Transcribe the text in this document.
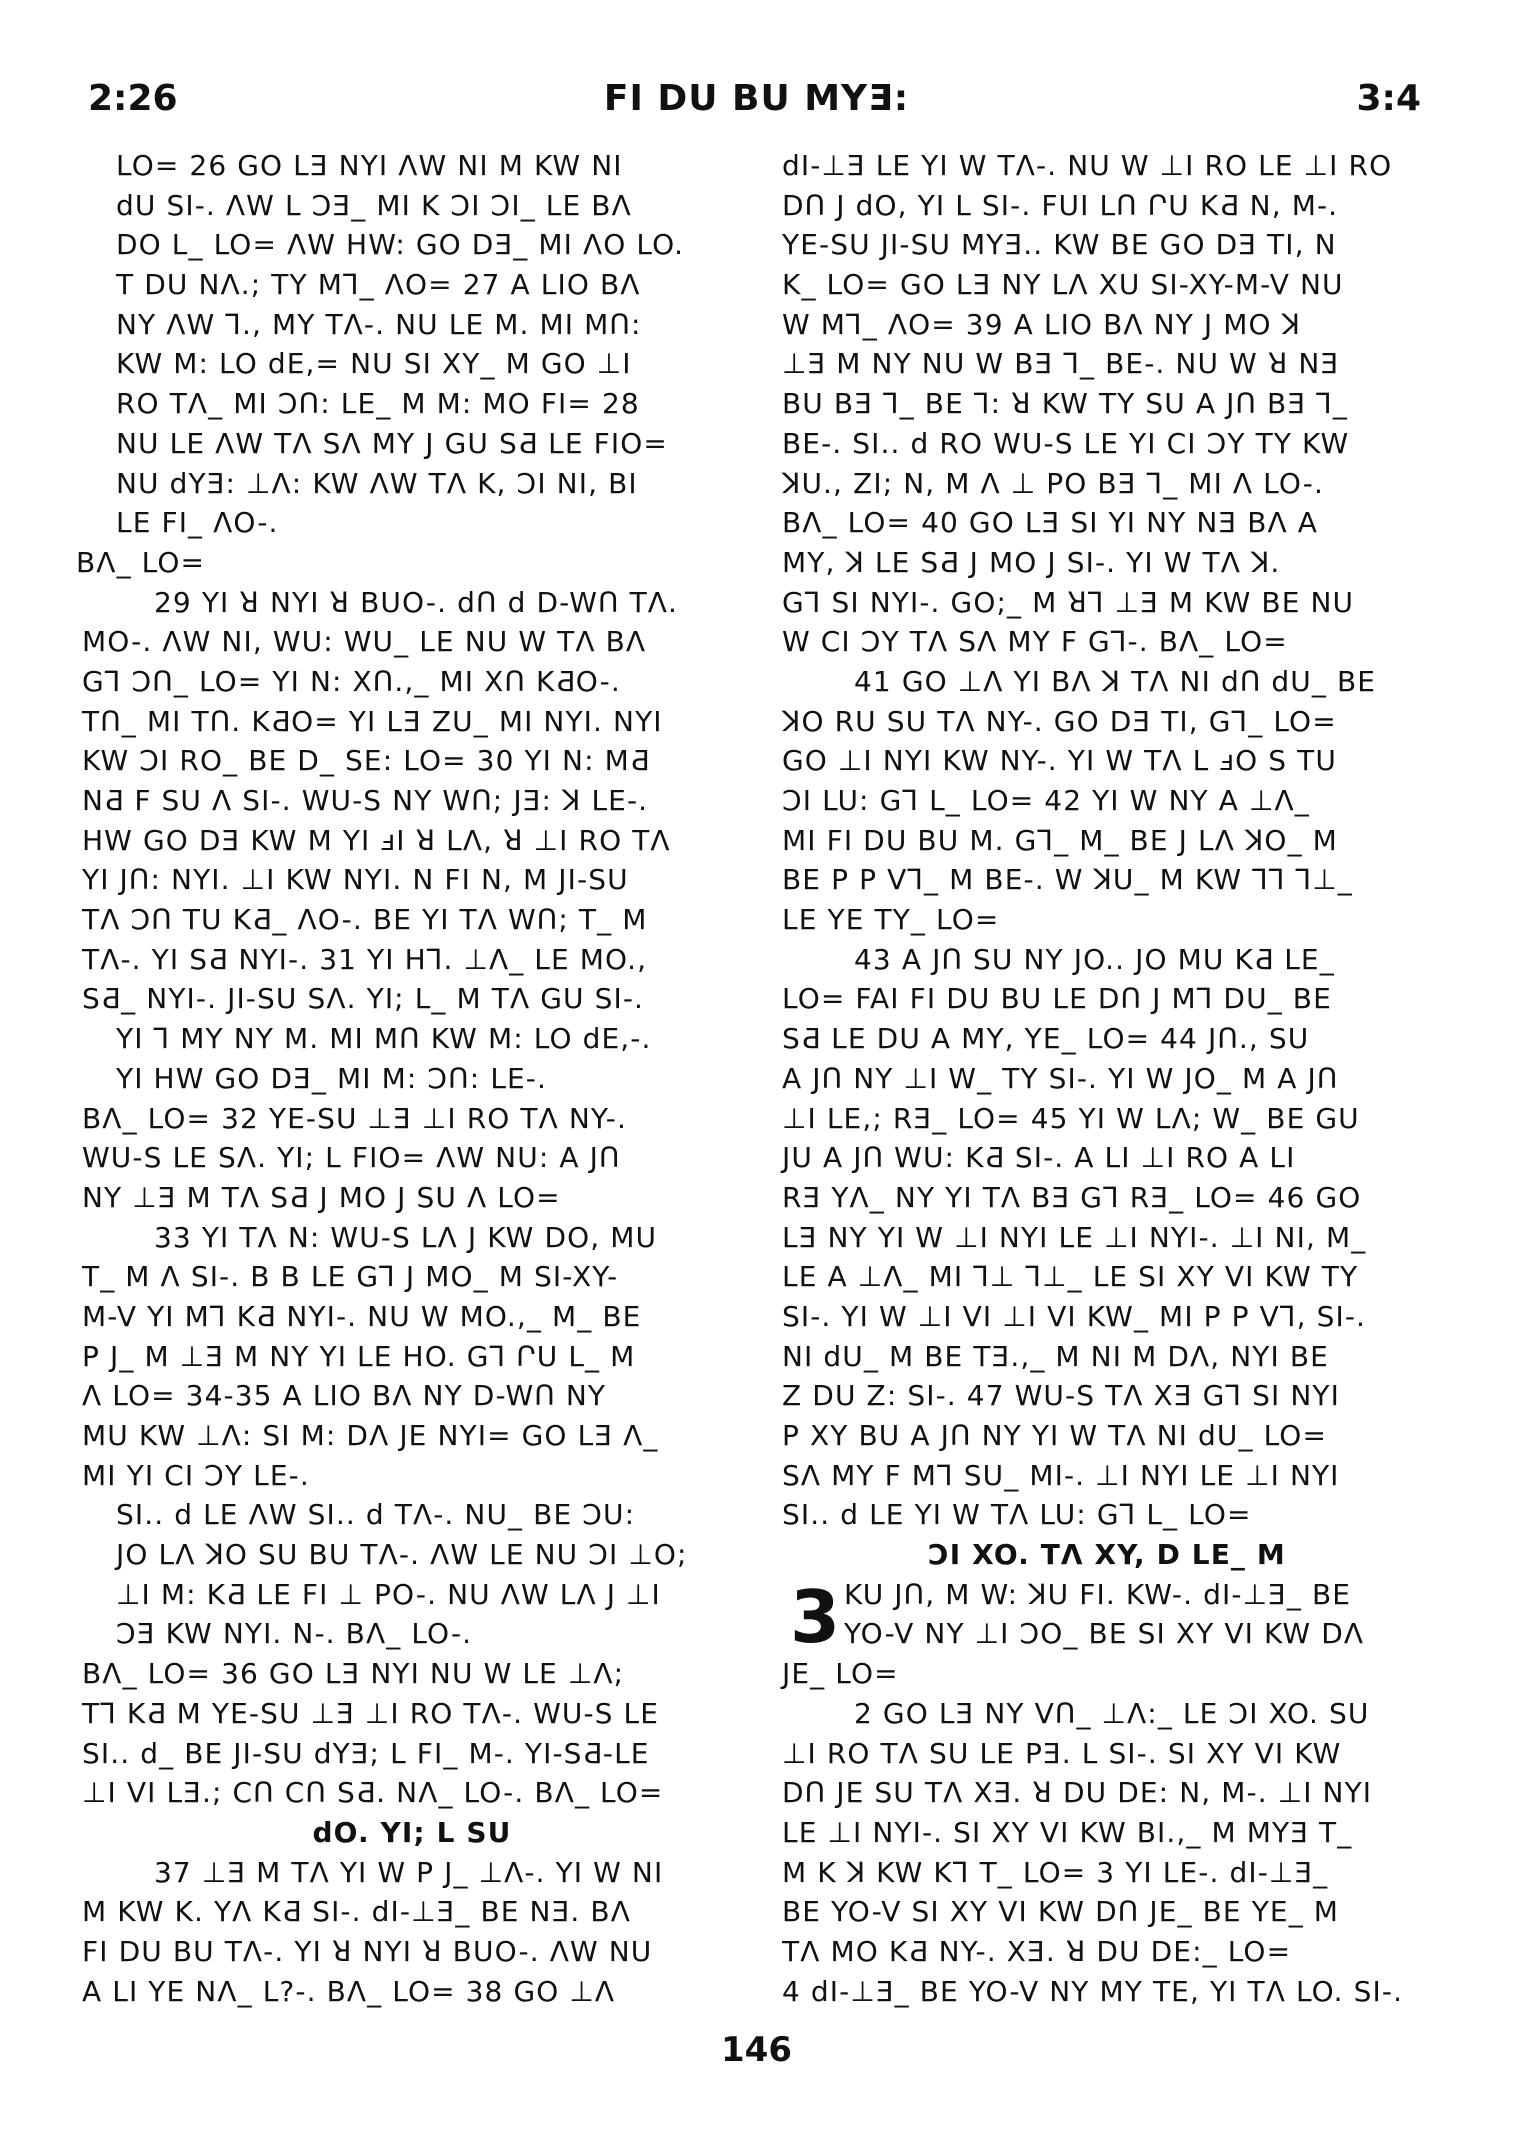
2:26	FI DU BU MYƎ:	3:4
LO= 26 GO LƎ NYI ɅW NI M KW NI
dU SI-. ɅW L ƆƎ_ MI K ƆI ƆI_ LE BɅ
DO L_ LO= ɅW HW: GO DƎ_ MI ɅO LO.
T DU NɅ.; TY M⅂_ ɅO= 27 A LIO BɅ
NY ɅW ⅂., MY TɅ-. NU LE M. MI MՈ:
KW M: LO dE,= NU SI XY_ M GO ⊥I
RO TɅ_ MI ƆՈ: LE_ M M: MO FI= 28
NU LE ɅW TɅ SɅ MY J GU SƋ LE FIO=
NU dYƎ: ⊥Ʌ: KW ɅW TɅ K, ƆI NI, BI
LE FI_ ɅO-.
BɅ_ LO=
29 YI ꓤ NYI ꓤ BUO-. dՈ d D-WՈ TɅ.
MO-. ɅW NI, WU: WU_ LE NU W TɅ BɅ
G⅂ ƆՈ_ LO= YI N: XՈ.,_ MI XՈ KƋO-.
TՈ_ MI TՈ. KƋO= YI LƎ ZU_ MI NYI. NYI
KW ƆI RO_ BE D_ SE: LO= 30 YI N: MƋ
NƋ F SU Ʌ SI-. WU-S NY WՈ; JƎ: ꓘ LE-.
HW GO DƎ KW M YI ⅎI ꓤ LɅ, ꓤ ⊥I RO TɅ
YI JՈ: NYI. ⊥I KW NYI. N FI N, M JI-SU
TɅ ƆՈ TU KƋ_ ɅO-. BE YI TɅ WՈ; T_ M
TɅ-. YI SƋ NYI-. 31 YI H⅂. ⊥Ʌ_ LE MO.,
SƋ_ NYI-. JI-SU SɅ. YI; L_ M TɅ GU SI-.
YI ⅂ MY NY M. MI MՈ KW M: LO dE,-.
YI HW GO DƎ_ MI M: ƆՈ: LE-.
BɅ_ LO= 32 YE-SU ⊥Ǝ ⊥I RO TɅ NY-.
WU-S LE SɅ. YI; L FIO= ɅW NU: A JՈ
NY ⊥Ǝ M TɅ SƋ J MO J SU Ʌ LO=
33 YI TɅ N: WU-S LɅ J KW DO, MU
T_ M Ʌ SI-. B B LE G⅂ J MO_ M SI-XY-
M-V YI M⅂ KƋ NYI-. NU W MO.,_ M_ BE
P J_ M ⊥Ǝ M NY YI LE HO. G⅂ ՐU L_ M
Ʌ LO= 34-35 A LIO BɅ NY D-WՈ NY
MU KW ⊥Ʌ: SI M: DɅ JE NYI= GO LƎ Ʌ_
MI YI CI ƆY LE-.
SI.. d LE ɅW SI.. d TɅ-. NU_ BE ƆU:
JO LɅ ꓘO SU BU TɅ-. ɅW LE NU ƆI ⊥O;
⊥I M: KƋ LE FI ⊥ PO-. NU ɅW LɅ J ⊥I
ƆƎ KW NYI. N-. BɅ_ LO-.
BɅ_ LO= 36 GO LƎ NYI NU W LE ⊥Ʌ;
T⅂ KƋ M YE-SU ⊥Ǝ ⊥I RO TɅ-. WU-S LE
SI.. d_ BE JI-SU dYƎ; L FI_ M-. YI-SƋ-LE
⊥I VI LƎ.; CՈ CՈ SƋ. NɅ_ LO-. BɅ_ LO=
dO. YI; L SU
37 ⊥Ǝ M TɅ YI W P J_ ⊥Ʌ-. YI W NI
M KW K. YɅ KƋ SI-. dI-⊥Ǝ_ BE NƎ. BɅ
FI DU BU TɅ-. YI ꓤ NYI ꓤ BUO-. ɅW NU
A LI YE NɅ_ L?-. BɅ_ LO= 38 GO ⊥Ʌ
dI-⊥Ǝ LE YI W TɅ-. NU W ⊥I RO LE ⊥I RO
DՈ J dO, YI L SI-. FUI LՈ ՐU KƋ N, M-.
YE-SU JI-SU MYƎ.. KW BE GO DƎ TI, N
K_ LO= GO LƎ NY LɅ XU SI-XY-M-V NU
W M⅂_ ɅO= 39 A LIO BɅ NY J MO ꓘ
⊥Ǝ M NY NU W BƎ ⅂_ BE-. NU W ꓤ NƎ
BU BƎ ⅂_ BE ⅂: ꓤ KW TY SU A JՈ BƎ ⅂_
BE-. SI.. d RO WU-S LE YI CI ƆY TY KW
ꓘU., ZI; N, M Ʌ ⊥ PO BƎ ⅂_ MI Ʌ LO-.
BɅ_ LO= 40 GO LƎ SI YI NY NƎ BɅ A
MY, ꓘ LE SƋ J MO J SI-. YI W TɅ ꓘ.
G⅂ SI NYI-. GO;_ M ꓤ⅂ ⊥Ǝ M KW BE NU
W CI ƆY TɅ SɅ MY F G⅂-. BɅ_ LO=
41 GO ⊥Ʌ YI BɅ ꓘ TɅ NI dՈ dU_ BE
ꓘO RU SU TɅ NY-. GO DƎ TI, G⅂_ LO=
GO ⊥I NYI KW NY-. YI W TɅ L ⅎO S TU
ƆI LU: G⅂ L_ LO= 42 YI W NY A ⊥Ʌ_
MI FI DU BU M. G⅂_ M_ BE J LɅ ꓘO_ M
BE P P V⅂_ M BE-. W ꓘU_ M KW ⅂⅂ ⅂⊥_
LE YE TY_ LO=
43 A JՈ SU NY JO.. JO MU KƋ LE_
LO= FAI FI DU BU LE DՈ J M⅂ DU_ BE
SƋ LE DU A MY, YE_ LO= 44 JՈ., SU
A JՈ NY ⊥I W_ TY SI-. YI W JO_ M A JՈ
⊥I LE,; RƎ_ LO= 45 YI W LɅ; W_ BE GU
JU A JՈ WU: KƋ SI-. A LI ⊥I RO A LI
RƎ YɅ_ NY YI TɅ BƎ G⅂ RƎ_ LO= 46 GO
LƎ NY YI W ⊥I NYI LE ⊥I NYI-. ⊥I NI, M_
LE A ⊥Ʌ_ MI ⅂⊥ ⅂⊥_ LE SI XY VI KW TY
SI-. YI W ⊥I VI ⊥I VI KW_ MI P P V⅂, SI-.
NI dU_ M BE TƎ.,_ M NI M DɅ, NYI BE
Z DU Z: SI-. 47 WU-S TɅ XƎ G⅂ SI NYI
P XY BU A JՈ NY YI W TɅ NI dU_ LO=
SɅ MY F M⅂ SU_ MI-. ⊥I NYI LE ⊥I NYI
SI.. d LE YI W TɅ LU: G⅂ L_ LO=
ƆI XO. TɅ XY, D LE_ M
3 KU JՈ, M W: ꓘU FI. KW-. dI-⊥Ǝ_ BE
YO-V NY ⊥I ƆO_ BE SI XY VI KW DɅ
JE_ LO=
2 GO LƎ NY VՈ_ ⊥Ʌ:_ LE ƆI XO. SU
⊥I RO TɅ SU LE PƎ. L SI-. SI XY VI KW
DՈ JE SU TɅ XƎ. ꓤ DU DE: N, M-. ⊥I NYI
LE ⊥I NYI-. SI XY VI KW BI.,_ M MYƎ T_
M K ꓘ KW K⅂ T_ LO= 3 YI LE-. dI-⊥Ǝ_
BE YO-V SI XY VI KW DՈ JE_ BE YE_ M
TɅ MO KƋ NY-. XƎ. ꓤ DU DE:_ LO=
4 dI-⊥Ǝ_ BE YO-V NY MY TE, YI TɅ LO. SI-.
146
